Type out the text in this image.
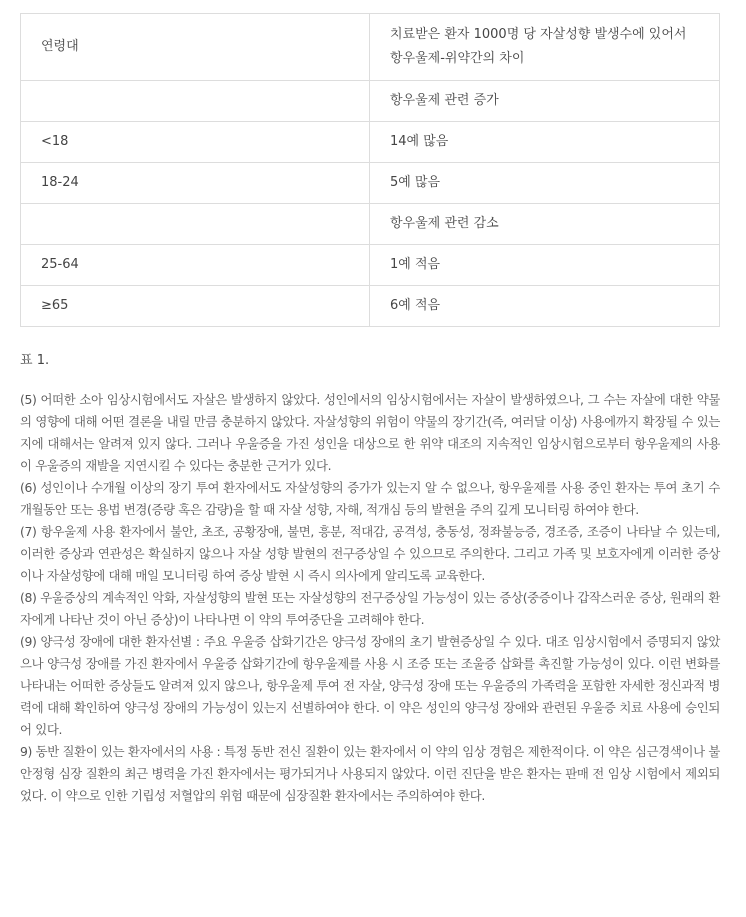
연령대	치료받은 환자 1000명 당 자살성향 발생수에 있어서 항우울제-위약간의 차이
	항우울제 관련 증가
<18	14예 많음
18-24	5예 많음
	항우울제 관련 감소
25-64	1예 적음
≥65	6예 적음
표 1.

(5) 어떠한 소아 임상시험에서도 자살은 발생하지 않았다. 성인에서의 임상시험에서는 자살이 발생하였으나, 그 수는 자살에 대한 약물의 영향에 대해 어떤 결론을 내릴 만큼 충분하지 않았다. 자살성향의 위험이 약물의 장기간(즉, 여러달 이상) 사용에까지 확장될 수 있는 지에 대해서는 알려져 있지 않다. 그러나 우울증을 가진 성인을 대상으로 한 위약 대조의 지속적인 임상시험으로부터 항우울제의 사용이 우울증의 재발을 지연시킬 수 있다는 충분한 근거가 있다.

(6) 성인이나 수개월 이상의 장기 투여 환자에서도 자살성향의 증가가 있는지 알 수 없으나, 항우울제를 사용 중인 환자는 투여 초기 수개월동안 또는 용법 변경(증량 혹은 감량)을 할 때 자살 성향, 자해, 적개심 등의 발현을 주의 깊게 모니터링 하여야 한다.

(7) 항우울제 사용 환자에서 불안, 초조, 공황장애, 불면, 흥분, 적대감, 공격성, 충동성, 정좌불능증, 경조증, 조증이 나타날 수 있는데, 이러한 증상과 연관성은 확실하지 않으나 자살 성향 발현의 전구증상일 수 있으므로 주의한다. 그리고 가족 및 보호자에게 이러한 증상이나 자살성향에 대해 매일 모니터링 하여 증상 발현 시 즉시 의사에게 알리도록 교육한다.

(8) 우울증상의 계속적인 악화, 자살성향의 발현 또는 자살성향의 전구증상일 가능성이 있는 증상(중증이나 갑작스러운 증상, 원래의 환자에게 나타난 것이 아닌 증상)이 나타나면 이 약의 투여중단을 고려해야 한다.

(9) 양극성 장애에 대한 환자선별 : 주요 우울증 삽화기간은 양극성 장애의 초기 발현증상일 수 있다. 대조 임상시험에서 증명되지 않았으나 양극성 장애를 가진 환자에서 우울증 삽화기간에 항우울제를 사용 시 조증 또는 조울증 삽화를 촉진할 가능성이 있다. 이런 변화를 나타내는 어떠한 증상들도 알려져 있지 않으나, 항우울제 투여 전 자살, 양극성 장애 또는 우울증의 가족력을 포함한 자세한 정신과적 병력에 대해 확인하여 양극성 장애의 가능성이 있는지 선별하여야 한다. 이 약은 성인의 양극성 장애와 관련된 우울증 치료 사용에 승인되어 있다.

9) 동반 질환이 있는 환자에서의 사용 : 특정 동반 전신 질환이 있는 환자에서 이 약의 임상 경험은 제한적이다. 이 약은 심근경색이나 불안정형 심장 질환의 최근 병력을 가진 환자에서는 평가되거나 사용되지 않았다. 이런 진단을 받은 환자는 판매 전 임상 시험에서 제외되었다. 이 약으로 인한 기립성 저혈압의 위험 때문에 심장질환 환자에서는 주의하여야 한다.
